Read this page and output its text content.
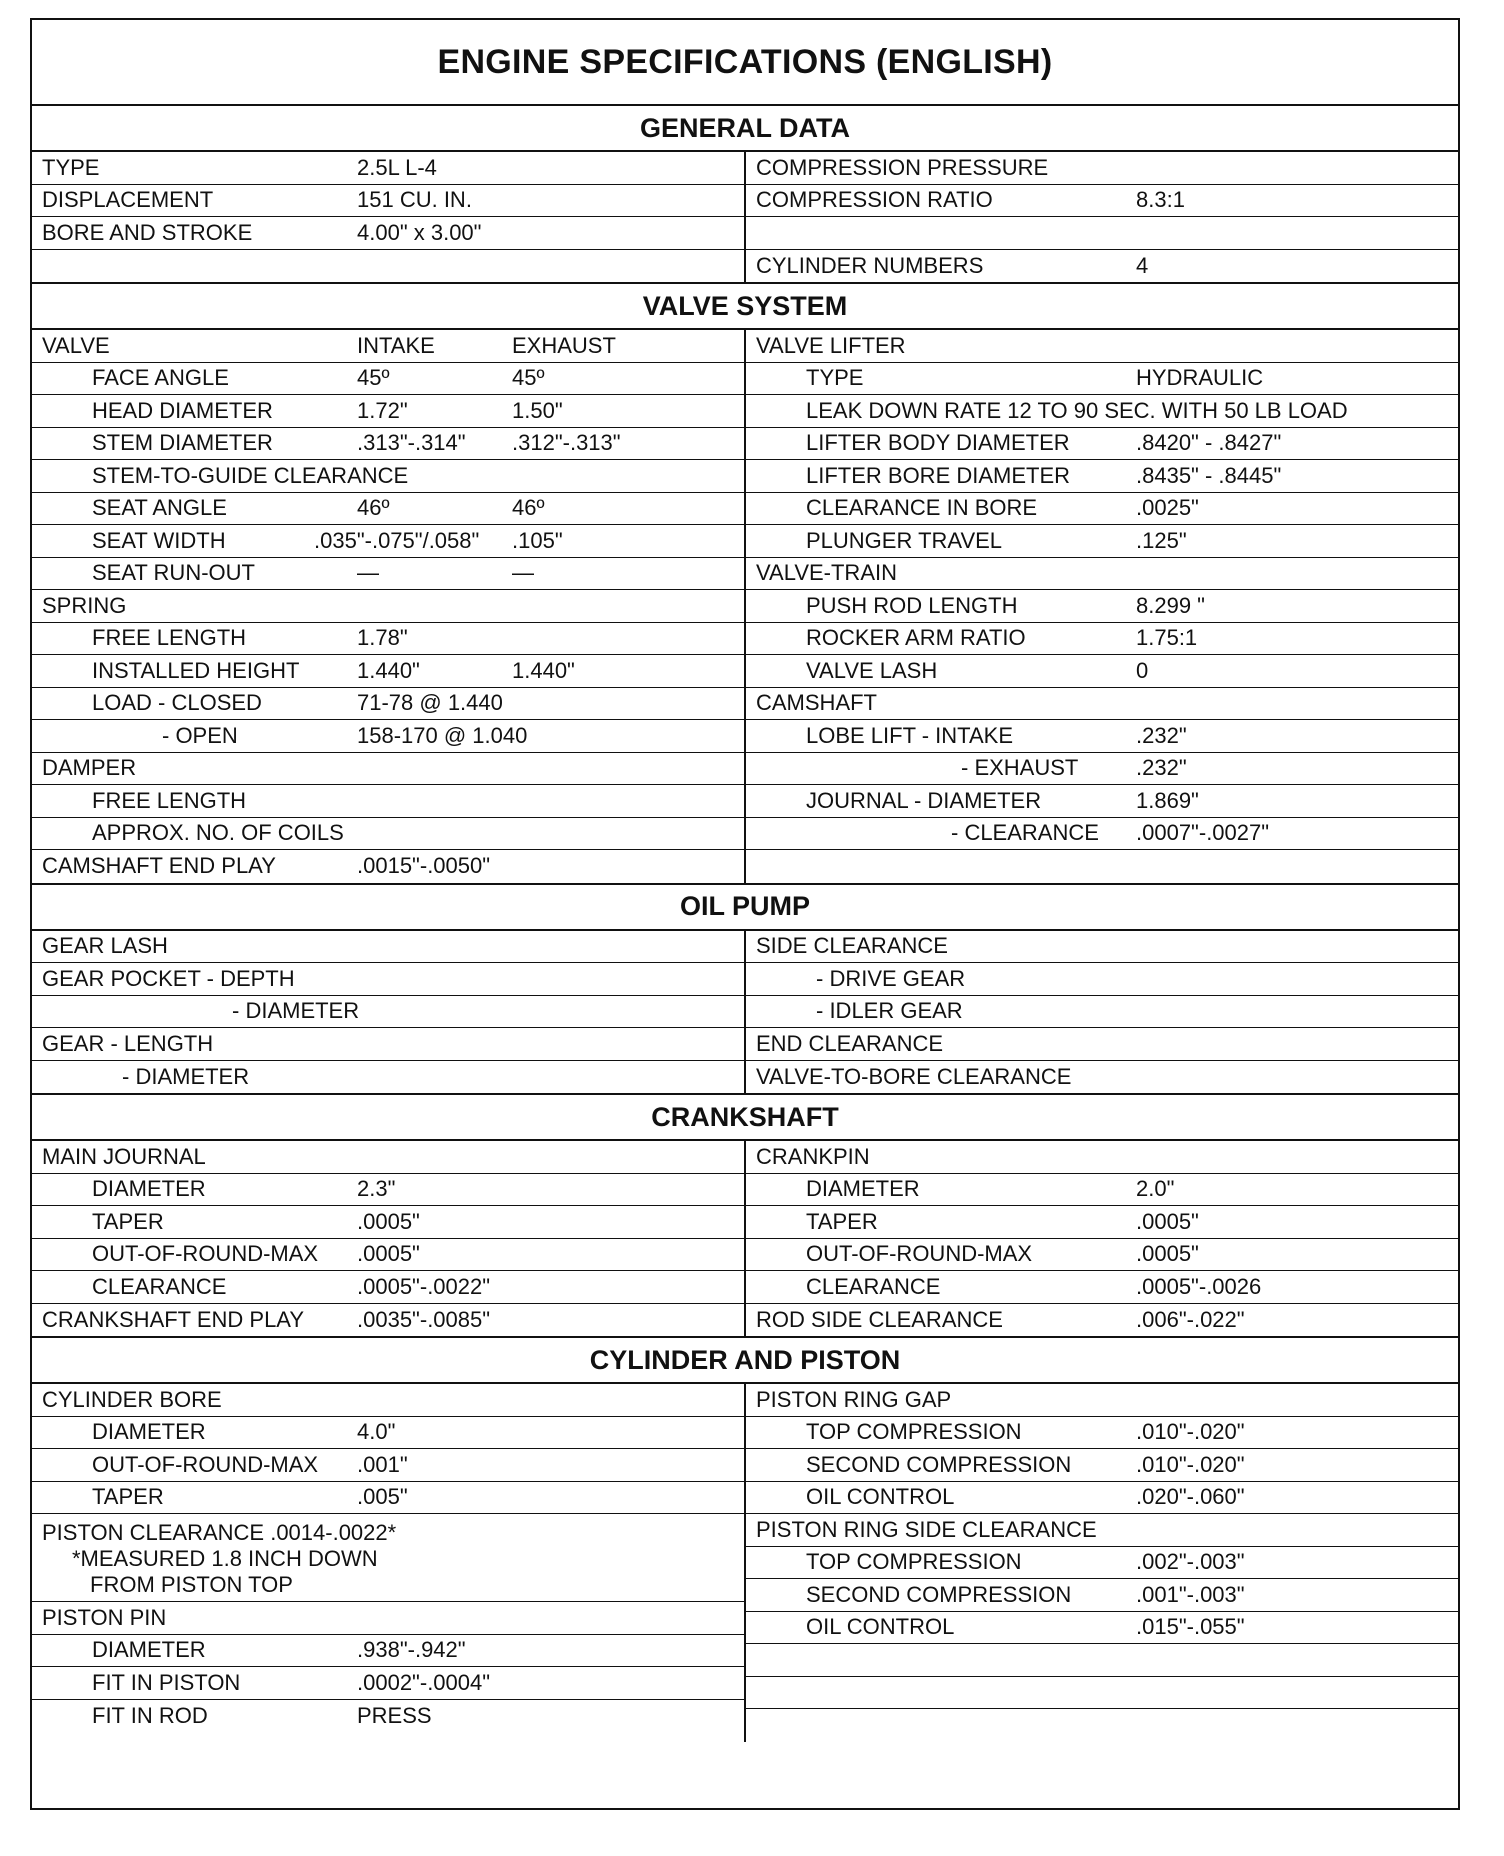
ENGINE SPECIFICATIONS (ENGLISH)
GENERAL DATA
TYPE	2.5L L-4
DISPLACEMENT	151 CU. IN.
BORE AND STROKE	4.00" x 3.00"
COMPRESSION PRESSURE
COMPRESSION RATIO	8.3:1
CYLINDER NUMBERS	4
VALVE SYSTEM
VALVE	INTAKE	EXHAUST
FACE ANGLE	45º	45º
HEAD DIAMETER	1.72"	1.50"
STEM DIAMETER	.313"-.314" .312"-.313"
STEM-TO-GUIDE CLEARANCE
SEAT ANGLE	46º	46º
SEAT WIDTH	.035"-.075"/.058" .105"
SEAT RUN-OUT	—	—
SPRING
FREE LENGTH	1.78"
INSTALLED HEIGHT	1.440"	1.440"
LOAD - CLOSED	71-78 @ 1.440
- OPEN	158-170 @ 1.040
DAMPER
FREE LENGTH
APPROX. NO. OF COILS
CAMSHAFT END PLAY	.0015"-.0050"
VALVE LIFTER
TYPE	HYDRAULIC
LEAK DOWN RATE 12 TO 90 SEC. WITH 50 LB LOAD
LIFTER BODY DIAMETER	.8420" - .8427"
LIFTER BORE DIAMETER	.8435" - .8445"
CLEARANCE IN BORE	.0025"
PLUNGER TRAVEL	.125"
VALVE-TRAIN
PUSH ROD LENGTH	8.299 "
ROCKER ARM RATIO	1.75:1
VALVE LASH	0
CAMSHAFT
LOBE LIFT - INTAKE	.232"
- EXHAUST	.232"
JOURNAL - DIAMETER	1.869"
- CLEARANCE .0007"-.0027"
OIL PUMP
GEAR LASH
GEAR POCKET - DEPTH
- DIAMETER
GEAR - LENGTH
- DIAMETER
SIDE CLEARANCE
- DRIVE GEAR
- IDLER GEAR
END CLEARANCE
VALVE-TO-BORE CLEARANCE
CRANKSHAFT
MAIN JOURNAL
DIAMETER	2.3"
TAPER	.0005"
OUT-OF-ROUND-MAX .0005"
CLEARANCE	.0005"-.0022"
CRANKSHAFT END PLAY .0035"-.0085"
CRANKPIN
DIAMETER	2.0"
TAPER	.0005"
OUT-OF-ROUND-MAX	.0005"
CLEARANCE	.0005"-.0026
ROD SIDE CLEARANCE	.006"-.022"
CYLINDER AND PISTON
CYLINDER BORE
DIAMETER	4.0"
OUT-OF-ROUND-MAX .001"
TAPER	.005"
PISTON CLEARANCE .0014-.0022*
*MEASURED 1.8 INCH DOWN
FROM PISTON TOP
PISTON PIN
DIAMETER	.938"-.942"
FIT IN PISTON	.0002"-.0004"
FIT IN ROD	PRESS
PISTON RING GAP
TOP COMPRESSION	.010"-.020"
SECOND COMPRESSION	.010"-.020"
OIL CONTROL	.020"-.060"
PISTON RING SIDE CLEARANCE
TOP COMPRESSION	.002"-.003"
SECOND COMPRESSION	.001"-.003"
OIL CONTROL	.015"-.055"
